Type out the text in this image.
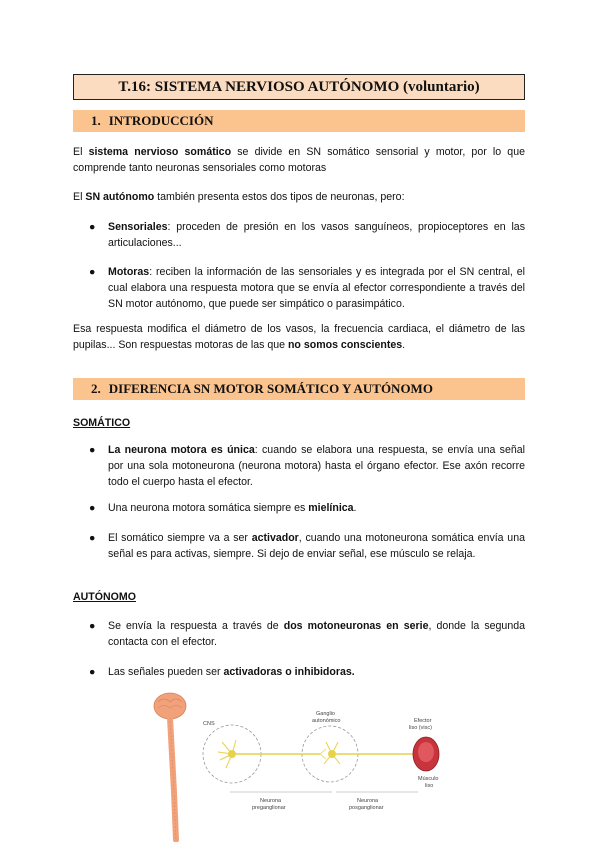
T.16: SISTEMA NERVIOSO AUTÓNOMO (voluntario)
1. INTRODUCCIÓN

El sistema nervioso somático se divide en SN somático sensorial y motor, por lo que comprende tanto neuronas sensoriales como motoras

El SN autónomo también presenta estos dos tipos de neuronas, pero:

●	Sensoriales: proceden de presión en los vasos sanguíneos, propioceptores en las articulaciones...

●	Motoras: reciben la información de las sensoriales y es integrada por el SN central, el cual elabora una respuesta motora que se envía al efector correspondiente a través del SN motor autónomo, que puede ser simpático o parasimpático.

Esa respuesta modifica el diámetro de los vasos, la frecuencia cardiaca, el diámetro de las pupilas... Son respuestas motoras de las que no somos conscientes.

2. DIFERENCIA SN MOTOR SOMÁTICO Y AUTÓNOMO
SOMÁTICO
●	La neurona motora es única: cuando se elabora una respuesta, se envía una señal por una sola motoneurona (neurona motora) hasta el órgano efector. Ese axón recorre todo el cuerpo hasta el efector.

●	Una neurona motora somática siempre es mielínica.

●	El somático siempre va a ser activador, cuando una motoneurona somática envía una señal es para activas, siempre. Si dejo de enviar señal, ese músculo se relaja.

AUTÓNOMO
●	Se envía la respuesta a través de dos motoneuronas en serie, donde la segunda contacta con el efector.

●	Las señales pueden ser activadoras o inhibidoras.

CNS
Ganglio
autonómico	Efector
liso (visc)
Músculo
liso
Neurona
preganglionar
Neurona
posganglionar
